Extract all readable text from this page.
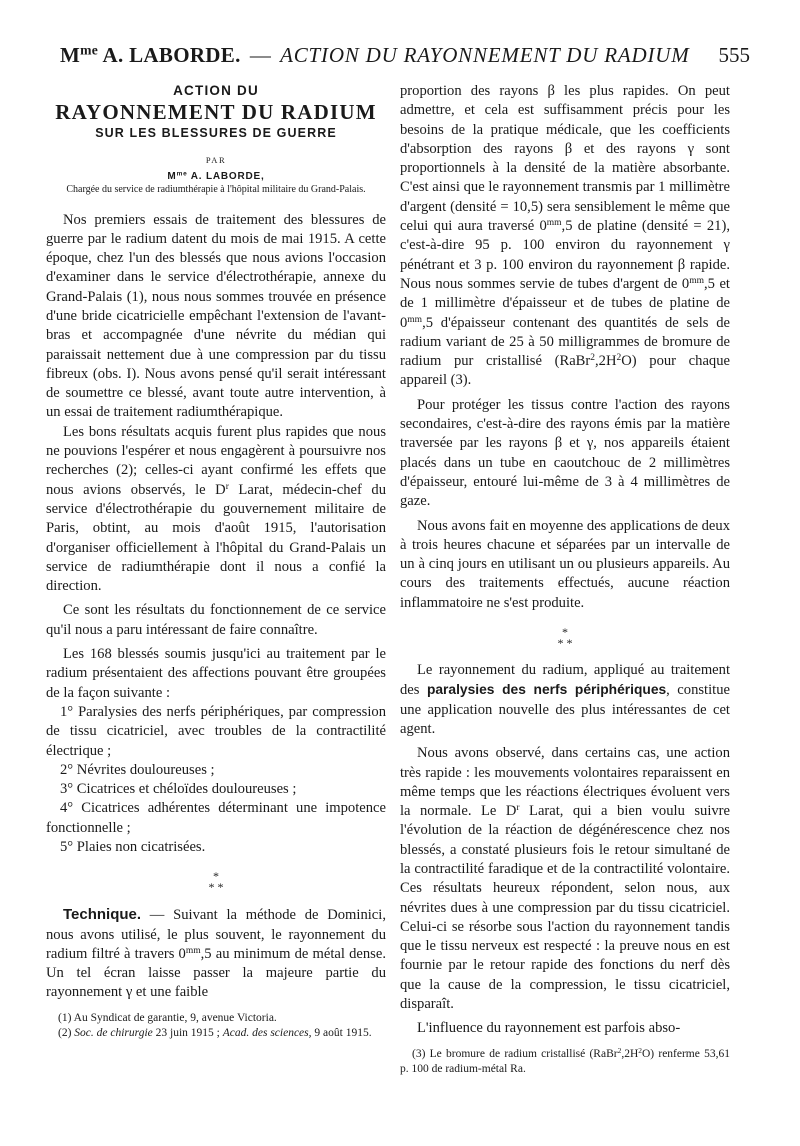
$M^{me}$ A. LABORDE. — ACTION DU RAYONNEMENT DU RADIUM 555
ACTION DU
RAYONNEMENT DU RADIUM
SUR LES BLESSURES DE GUERRE
PAR
$M^{me}$ A. LABORDE,
Chargée du service de radiumthérapie à l'hôpital militaire du Grand-Palais.

Nos premiers essais de traitement des blessures de guerre par le radium datent du mois de mai 1915. A cette époque, chez l'un des blessés que nous avions l'occasion d'examiner dans le service d'électrothérapie, annexe du Grand-Palais (1), nous nous sommes trouvée en présence d'une bride cicatricielle empêchant l'extension de l'avant-bras et accompagnée d'une névrite du médian qui paraissait nettement due à une compression par du tissu fibreux (obs. I). Nous avons pensé qu'il serait intéressant de soumettre ce blessé, avant toute autre intervention, à un essai de traitement radiumthérapique.

Les bons résultats acquis furent plus rapides que nous ne pouvions l'espérer et nous engagèrent à poursuivre nos recherches (2); celles-ci ayant confirmé les effets que nous avions observés, le $D^r$ Larat, médecin-chef du service d'électrothérapie du gouvernement militaire de Paris, obtint, au mois d'août 1915, l'autorisation d'organiser officiellement à l'hôpital du Grand-Palais un service de radiumthérapie dont il nous a confié la direction.

Ce sont les résultats du fonctionnement de ce service qu'il nous a paru intéressant de faire connaître.

Les 168 blessés soumis jusqu'ici au traitement par le radium présentaient des affections pouvant être groupées de la façon suivante :

1° Paralysies des nerfs périphériques, par compression de tissu cicatriciel, avec troubles de la contractilité électrique ;

2° Névrites douloureuses ;

3° Cicatrices et chéloïdes douloureuses ;

4° Cicatrices adhérentes déterminant une impotence fonctionnelle ;

5° Plaies non cicatrisées.

*
* *

Technique. — Suivant la méthode de Dominici, nous avons utilisé, le plus souvent, le rayonnement du radium filtré à travers $0^{mm},5$ au minimum de métal dense. Un tel écran laisse passer la majeure partie du rayonnement γ et une faible

(1) Au Syndicat de garantie, 9, avenue Victoria.

(2) Soc. de chirurgie 23 juin 1915 ; Acad. des sciences, 9 août 1915.

proportion des rayons β les plus rapides. On peut admettre, et cela est suffisamment précis pour les besoins de la pratique médicale, que les coefficients d'absorption des rayons β et des rayons γ sont proportionnels à la densité de la matière absorbante. C'est ainsi que le rayonnement transmis par 1 millimètre d'argent (densité = 10,5) sera sensiblement le même que celui qui aura traversé $0^{mm},5$ de platine (densité = 21), c'est-à-dire 95 p. 100 environ du rayonnement γ pénétrant et 3 p. 100 environ du rayonnement β rapide. Nous nous sommes servie de tubes d'argent de $0^{mm},5$ et de 1 millimètre d'épaisseur et de tubes de platine de $0^{mm},5$ d'épaisseur contenant des quantités de sels de radium variant de 25 à 50 milligrammes de bromure de radium pur cristallisé $(RaBr^2,2H^2O)$ pour chaque appareil (3).

Pour protéger les tissus contre l'action des rayons secondaires, c'est-à-dire des rayons émis par la matière traversée par les rayons β et γ, nos appareils étaient placés dans un tube en caoutchouc de 2 millimètres d'épaisseur, entouré lui-même de 3 à 4 millimètres de gaze.

Nous avons fait en moyenne des applications de deux à trois heures chacune et séparées par un intervalle de un à cinq jours en utilisant un ou plusieurs appareils. Au cours des traitements effectués, aucune réaction inflammatoire ne s'est produite.

*
* *

Le rayonnement du radium, appliqué au traitement des paralysies des nerfs périphériques, constitue une application nouvelle des plus intéressantes de cet agent.

Nous avons observé, dans certains cas, une action très rapide : les mouvements volontaires reparaissent en même temps que les réactions électriques évoluent vers la normale. Le $D^r$ Larat, qui a bien voulu suivre l'évolution de la réaction de dégénérescence chez nos blessés, a constaté plusieurs fois le retour simultané de la contractilité faradique et de la contractilité volontaire. Ces résultats heureux répondent, selon nous, aux névrites dues à une compression par du tissu cicatriciel. Celui-ci se résorbe sous l'action du rayonnement tandis que le tissu nerveux est respecté : la preuve nous en est fournie par le retour rapide des fonctions du nerf dès que la cause de la compression, le tissu cicatriciel, disparaît.

L'influence du rayonnement est parfois abso-

(3) Le bromure de radium cristallisé $(RaBr^2,2H^2O)$ renferme 53,61 p. 100 de radium-métal Ra.
